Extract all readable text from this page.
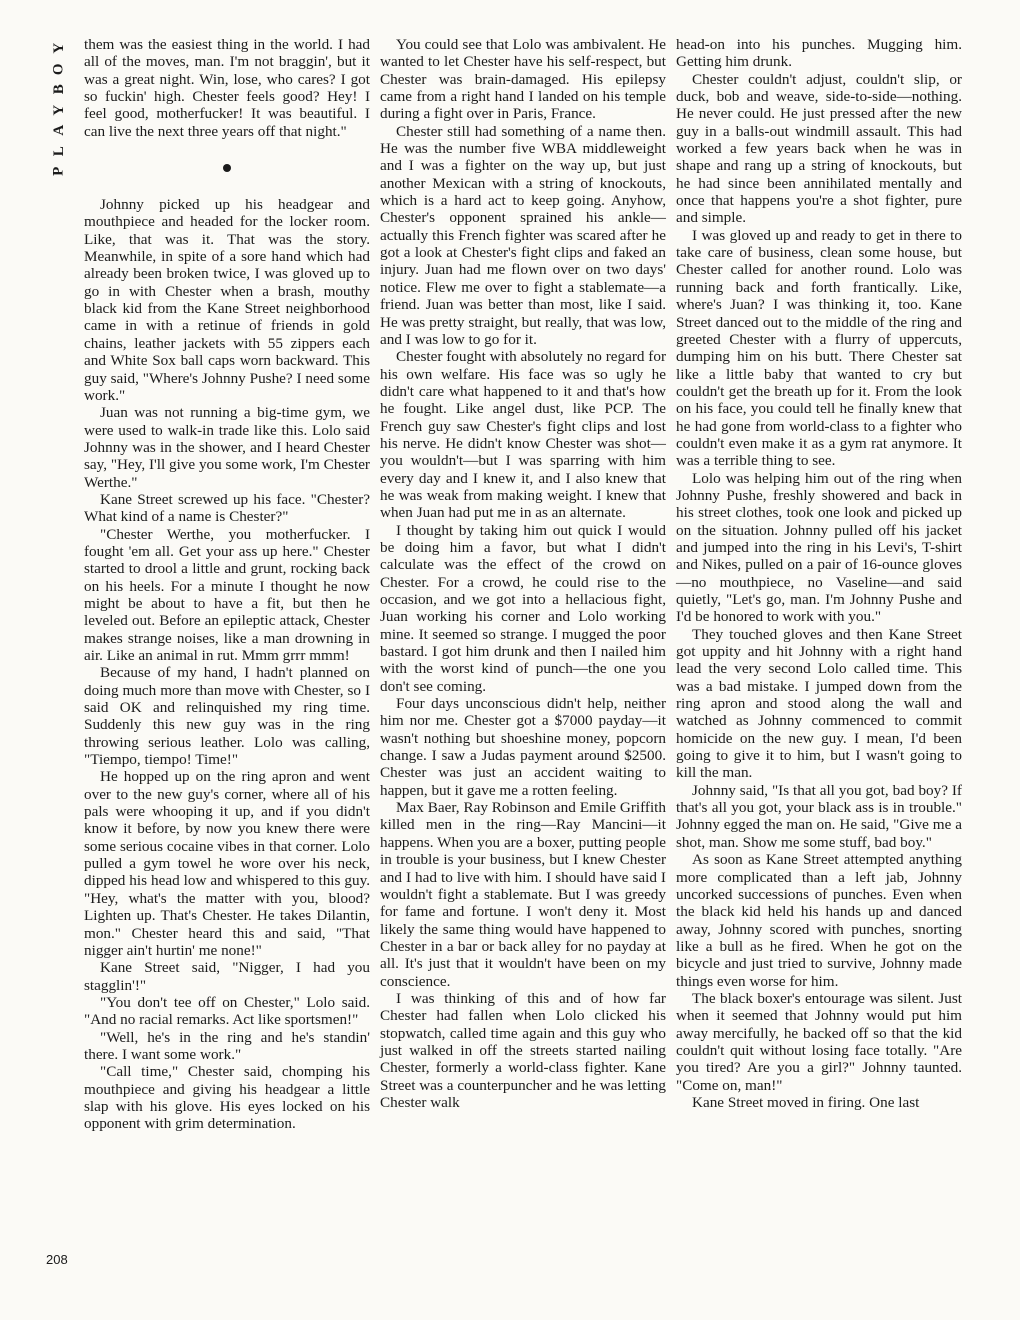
Y
O
B
Y
A
L
P

them was the easiest thing in the world. I had all of the moves, man. I'm not braggin', but it was a great night. Win, lose, who cares? I got so fuckin' high. Chester feels good? Hey! I feel good, motherfucker! It was beautiful. I can live the next three years off that night."

Johnny picked up his headgear and mouthpiece and headed for the locker room. Like, that was it. That was the story. Meanwhile, in spite of a sore hand which had already been broken twice, I was gloved up to go in with Chester when a brash, mouthy black kid from the Kane Street neighborhood came in with a retinue of friends in gold chains, leather jackets with 55 zippers each and White Sox ball caps worn backward. This guy said, "Where's Johnny Pushe? I need some work."

Juan was not running a big-time gym, we were used to walk-in trade like this. Lolo said Johnny was in the shower, and I heard Chester say, "Hey, I'll give you some work, I'm Chester Werthe."

Kane Street screwed up his face. "Chester? What kind of a name is Chester?"

"Chester Werthe, you motherfucker. I fought 'em all. Get your ass up here." Chester started to drool a little and grunt, rocking back on his heels. For a minute I thought he now might be about to have a fit, but then he leveled out. Before an epileptic attack, Chester makes strange noises, like a man drowning in air. Like an animal in rut. Mmm grrr mmm!

Because of my hand, I hadn't planned on doing much more than move with Chester, so I said OK and relinquished my ring time. Suddenly this new guy was in the ring throwing serious leather. Lolo was calling, "Tiempo, tiempo! Time!"

He hopped up on the ring apron and went over to the new guy's corner, where all of his pals were whooping it up, and if you didn't know it before, by now you knew there were some serious cocaine vibes in that corner. Lolo pulled a gym towel he wore over his neck, dipped his head low and whispered to this guy. "Hey, what's the matter with you, blood? Lighten up. That's Chester. He takes Dilantin, mon." Chester heard this and said, "That nigger ain't hurtin' me none!"

Kane Street said, "Nigger, I had you stagglin'!"

"You don't tee off on Chester," Lolo said. "And no racial remarks. Act like sportsmen!"

"Well, he's in the ring and he's standin' there. I want some work."

"Call time," Chester said, chomping his mouthpiece and giving his headgear a little slap with his glove. His eyes locked on his opponent with grim determination.

You could see that Lolo was ambivalent. He wanted to let Chester have his self-respect, but Chester was brain-damaged. His epilepsy came from a right hand I landed on his temple during a fight over in Paris, France.

Chester still had something of a name then. He was the number five WBA middleweight and I was a fighter on the way up, but just another Mexican with a string of knockouts, which is a hard act to keep going. Anyhow, Chester's opponent sprained his ankle—actually this French fighter was scared after he got a look at Chester's fight clips and faked an injury. Juan had me flown over on two days' notice. Flew me over to fight a stablemate—a friend. Juan was better than most, like I said. He was pretty straight, but really, that was low, and I was low to go for it.

Chester fought with absolutely no regard for his own welfare. His face was so ugly he didn't care what happened to it and that's how he fought. Like angel dust, like PCP. The French guy saw Chester's fight clips and lost his nerve. He didn't know Chester was shot—you wouldn't—but I was sparring with him every day and I knew it, and I also knew that he was weak from making weight. I knew that when Juan had put me in as an alternate.

I thought by taking him out quick I would be doing him a favor, but what I didn't calculate was the effect of the crowd on Chester. For a crowd, he could rise to the occasion, and we got into a hellacious fight, Juan working his corner and Lolo working mine. It seemed so strange. I mugged the poor bastard. I got him drunk and then I nailed him with the worst kind of punch—the one you don't see coming.

Four days unconscious didn't help, neither him nor me. Chester got a $7000 payday—it wasn't nothing but shoeshine money, popcorn change. I saw a Judas payment around $2500. Chester was just an accident waiting to happen, but it gave me a rotten feeling.

Max Baer, Ray Robinson and Emile Griffith killed men in the ring—Ray Mancini—it happens. When you are a boxer, putting people in trouble is your business, but I knew Chester and I had to live with him. I should have said I wouldn't fight a stablemate. But I was greedy for fame and fortune. I won't deny it. Most likely the same thing would have happened to Chester in a bar or back alley for no payday at all. It's just that it wouldn't have been on my conscience.

I was thinking of this and of how far Chester had fallen when Lolo clicked his stopwatch, called time again and this guy who just walked in off the streets started nailing Chester, formerly a world-class fighter. Kane Street was a counterpuncher and he was letting Chester walk

head-on into his punches. Mugging him. Getting him drunk.

Chester couldn't adjust, couldn't slip, or duck, bob and weave, side-to-side—nothing. He never could. He just pressed after the new guy in a balls-out windmill assault. This had worked a few years back when he was in shape and rang up a string of knockouts, but he had since been annihilated mentally and once that happens you're a shot fighter, pure and simple.

I was gloved up and ready to get in there to take care of business, clean some house, but Chester called for another round. Lolo was running back and forth frantically. Like, where's Juan? I was thinking it, too. Kane Street danced out to the middle of the ring and greeted Chester with a flurry of uppercuts, dumping him on his butt. There Chester sat like a little baby that wanted to cry but couldn't get the breath up for it. From the look on his face, you could tell he finally knew that he had gone from world-class to a fighter who couldn't even make it as a gym rat anymore. It was a terrible thing to see.

Lolo was helping him out of the ring when Johnny Pushe, freshly showered and back in his street clothes, took one look and picked up on the situation. Johnny pulled off his jacket and jumped into the ring in his Levi's, T-shirt and Nikes, pulled on a pair of 16-ounce gloves—no mouthpiece, no Vaseline—and said quietly, "Let's go, man. I'm Johnny Pushe and I'd be honored to work with you."

They touched gloves and then Kane Street got uppity and hit Johnny with a right hand lead the very second Lolo called time. This was a bad mistake. I jumped down from the ring apron and stood along the wall and watched as Johnny commenced to commit homicide on the new guy. I mean, I'd been going to give it to him, but I wasn't going to kill the man.

Johnny said, "Is that all you got, bad boy? If that's all you got, your black ass is in trouble." Johnny egged the man on. He said, "Give me a shot, man. Show me some stuff, bad boy."

As soon as Kane Street attempted anything more complicated than a left jab, Johnny uncorked successions of punches. Even when the black kid held his hands up and danced away, Johnny scored with punches, snorting like a bull as he fired. When he got on the bicycle and just tried to survive, Johnny made things even worse for him.

The black boxer's entourage was silent. Just when it seemed that Johnny would put him away mercifully, he backed off so that the kid couldn't quit without losing face totally. "Are you tired? Are you a girl?" Johnny taunted. "Come on, man!"

Kane Street moved in firing. One last

208
